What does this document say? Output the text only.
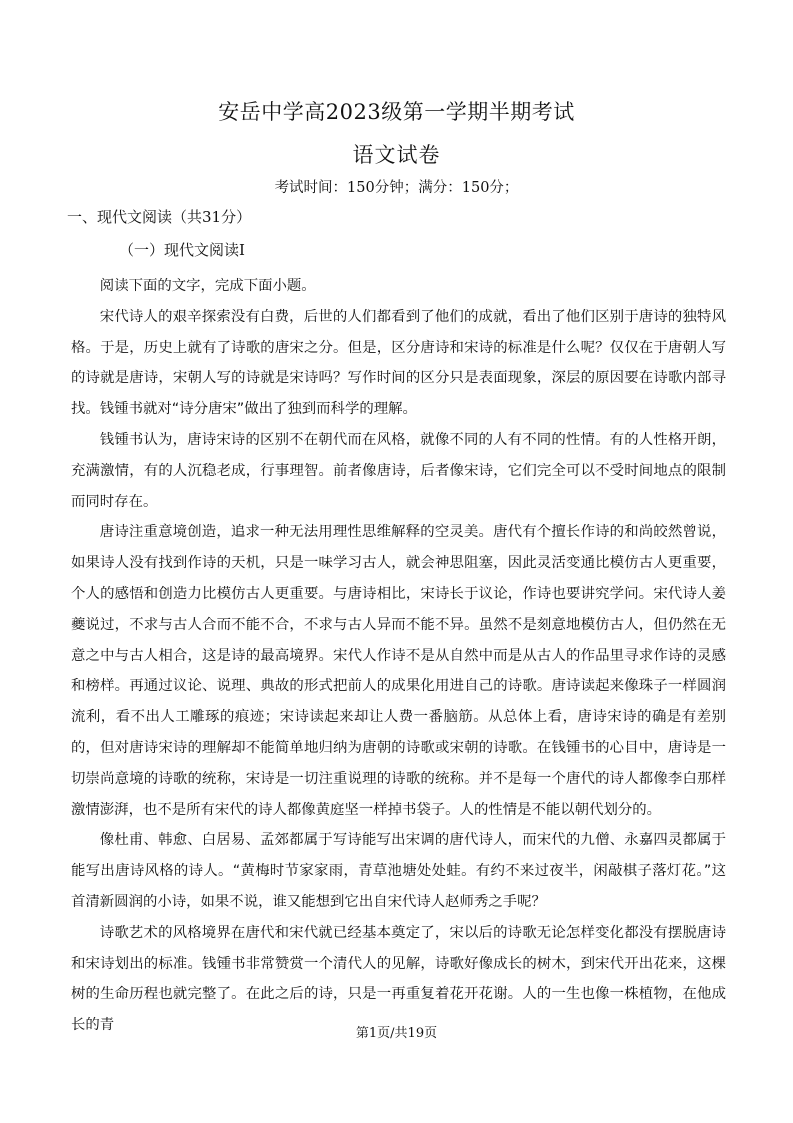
安岳中学高2023级第一学期半期考试
语文试卷
考试时间：150分钟；满分：150分；
一、现代文阅读（共31分）
（一）现代文阅读I

阅读下面的文字，完成下面小题。

宋代诗人的艰辛探索没有白费，后世的人们都看到了他们的成就，看出了他们区别于唐诗的独特风格。于是，历史上就有了诗歌的唐宋之分。但是，区分唐诗和宋诗的标准是什么呢？仅仅在于唐朝人写的诗就是唐诗，宋朝人写的诗就是宋诗吗？写作时间的区分只是表面现象，深层的原因要在诗歌内部寻找。钱锺书就对“诗分唐宋”做出了独到而科学的理解。

钱锺书认为，唐诗宋诗的区别不在朝代而在风格，就像不同的人有不同的性情。有的人性格开朗，充满激情，有的人沉稳老成，行事理智。前者像唐诗，后者像宋诗，它们完全可以不受时间地点的限制而同时存在。

唐诗注重意境创造，追求一种无法用理性思维解释的空灵美。唐代有个擅长作诗的和尚皎然曾说，如果诗人没有找到作诗的天机，只是一味学习古人，就会神思阻塞，因此灵活变通比模仿古人更重要，个人的感悟和创造力比模仿古人更重要。与唐诗相比，宋诗长于议论，作诗也要讲究学问。宋代诗人姜夔说过，不求与古人合而不能不合，不求与古人异而不能不异。虽然不是刻意地模仿古人，但仍然在无意之中与古人相合，这是诗的最高境界。宋代人作诗不是从自然中而是从古人的作品里寻求作诗的灵感和榜样。再通过议论、说理、典故的形式把前人的成果化用进自己的诗歌。唐诗读起来像珠子一样圆润流利，看不出人工雕琢的痕迹；宋诗读起来却让人费一番脑筋。从总体上看，唐诗宋诗的确是有差别的，但对唐诗宋诗的理解却不能简单地归纳为唐朝的诗歌或宋朝的诗歌。在钱锺书的心目中，唐诗是一切崇尚意境的诗歌的统称，宋诗是一切注重说理的诗歌的统称。并不是每一个唐代的诗人都像李白那样激情澎湃，也不是所有宋代的诗人都像黄庭坚一样掉书袋子。人的性情是不能以朝代划分的。

像杜甫、韩愈、白居易、孟郊都属于写诗能写出宋调的唐代诗人，而宋代的九僧、永嘉四灵都属于能写出唐诗风格的诗人。“黄梅时节家家雨，青草池塘处处蛙。有约不来过夜半，闲敲棋子落灯花。”这首清新圆润的小诗，如果不说，谁又能想到它出自宋代诗人赵师秀之手呢？

诗歌艺术的风格境界在唐代和宋代就已经基本奠定了，宋以后的诗歌无论怎样变化都没有摆脱唐诗和宋诗划出的标准。钱锺书非常赞赏一个清代人的见解，诗歌好像成长的树木，到宋代开出花来，这棵树的生命历程也就完整了。在此之后的诗，只是一再重复着花开花谢。人的一生也像一株植物，在他成长的青

第1页/共19页
